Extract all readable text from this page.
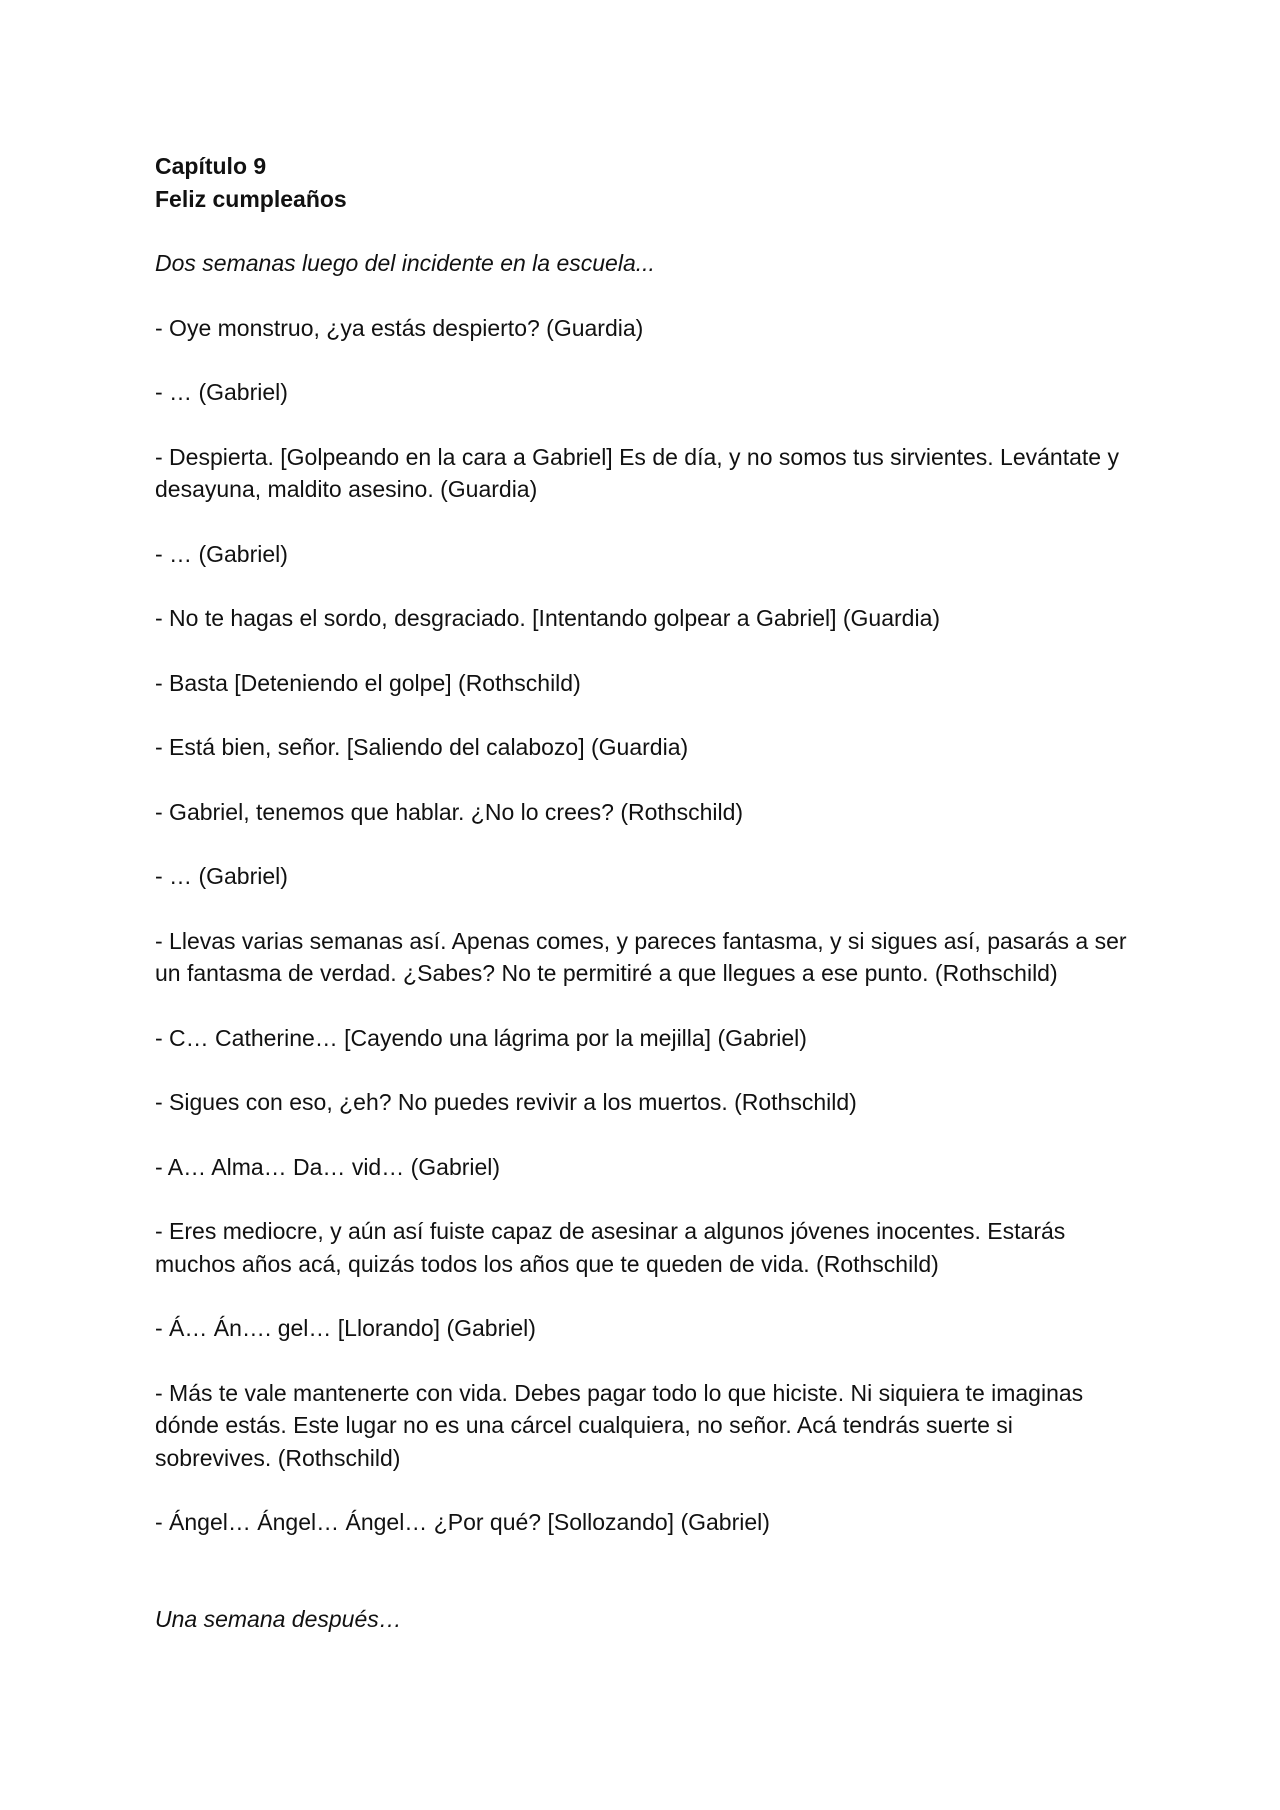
Capítulo 9

Feliz cumpleaños

Dos semanas luego del incidente en la escuela...

- Oye monstruo, ¿ya estás despierto? (Guardia)

- … (Gabriel)

- Despierta. [Golpeando en la cara a Gabriel] Es de día, y no somos tus sirvientes. Levántate y desayuna, maldito asesino. (Guardia)

- … (Gabriel)

- No te hagas el sordo, desgraciado. [Intentando golpear a Gabriel] (Guardia)

- Basta [Deteniendo el golpe] (Rothschild)

- Está bien, señor. [Saliendo del calabozo] (Guardia)

- Gabriel, tenemos que hablar. ¿No lo crees? (Rothschild)

- … (Gabriel)

- Llevas varias semanas así. Apenas comes, y pareces fantasma, y si sigues así, pasarás a ser un fantasma de verdad. ¿Sabes? No te permitiré a que llegues a ese punto. (Rothschild)

- C… Catherine… [Cayendo una lágrima por la mejilla] (Gabriel)

- Sigues con eso, ¿eh? No puedes revivir a los muertos. (Rothschild)

- A… Alma… Da… vid… (Gabriel)

- Eres mediocre, y aún así fuiste capaz de asesinar a algunos jóvenes inocentes. Estarás muchos años acá, quizás todos los años que te queden de vida. (Rothschild)

- Á… Án…. gel… [Llorando] (Gabriel)

- Más te vale mantenerte con vida. Debes pagar todo lo que hiciste. Ni siquiera te imaginas dónde estás. Este lugar no es una cárcel cualquiera, no señor. Acá tendrás suerte si sobrevives. (Rothschild)

- Ángel… Ángel… Ángel… ¿Por qué? [Sollozando] (Gabriel)

Una semana después…
